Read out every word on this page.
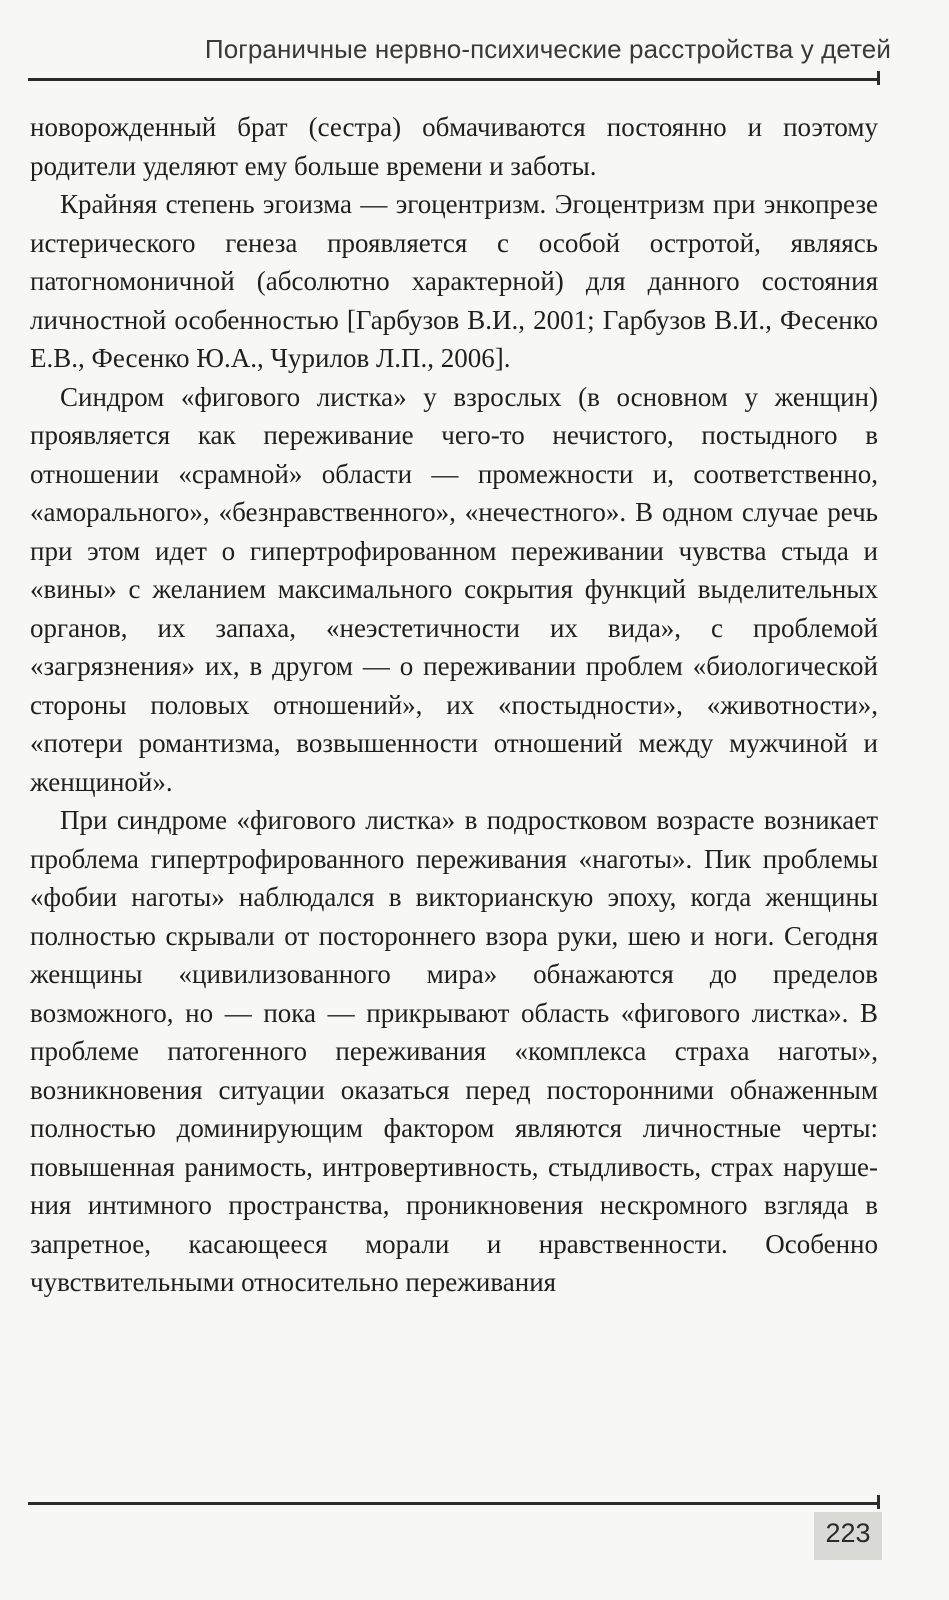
Пограничные нервно-психические расстройства у детей

новорожденный брат (сестра) обмачиваются постоянно и поэтому родители уделяют ему больше времени и заботы.

Крайняя степень эгоизма — эгоцентризм. Эгоцентризм при энкопрезе истерического генеза проявляется с особой остротой, являясь патогномоничной (абсолютно характерной) для данного состояния личностной особенностью [Гарбузов В.И., 2001; Гарбузов В.И., Фесенко Е.В., Фесенко Ю.А., Чурилов Л.П., 2006].

Синдром «фигового листка» у взрослых (в основном у женщин) проявляется как переживание чего-то нечистого, постыдного в отношении «срамной» области — промежности и, соответственно, «аморального», «безнравственного», «нечестного». В одном случае речь при этом идет о гипертрофированном переживании чувства стыда и «вины» с желанием максимального сокрытия функций выделительных органов, их запаха, «неэстетичности их вида», с проблемой «загрязнения» их, в другом — о переживании проблем «биологической стороны половых отношений», их «постыдности», «животности», «потери романтизма, возвышенности отношений между мужчиной и женщиной».

При синдроме «фигового листка» в подростковом возрасте возникает проблема гипертрофированного переживания «наготы». Пик проблемы «фобии наготы» наблюдался в викторианскую эпоху, когда женщины полностью скрывали от постороннего взора руки, шею и ноги. Сегодня женщины «цивилизованного мира» обнажаются до пределов возможного, но — пока — прикрывают область «фигового листка». В проблеме патогенного переживания «комплекса страха наготы», возникновения ситуации оказаться перед посторонними обнаженным полностью доминирующим фактором являются личностные черты: повышенная ранимость, интровертивность, стыдливость, страх нарушения интимного пространства, проникновения нескромного взгляда в запретное, касающееся морали и нравственности. Особенно чувствительными относительно переживания

223
